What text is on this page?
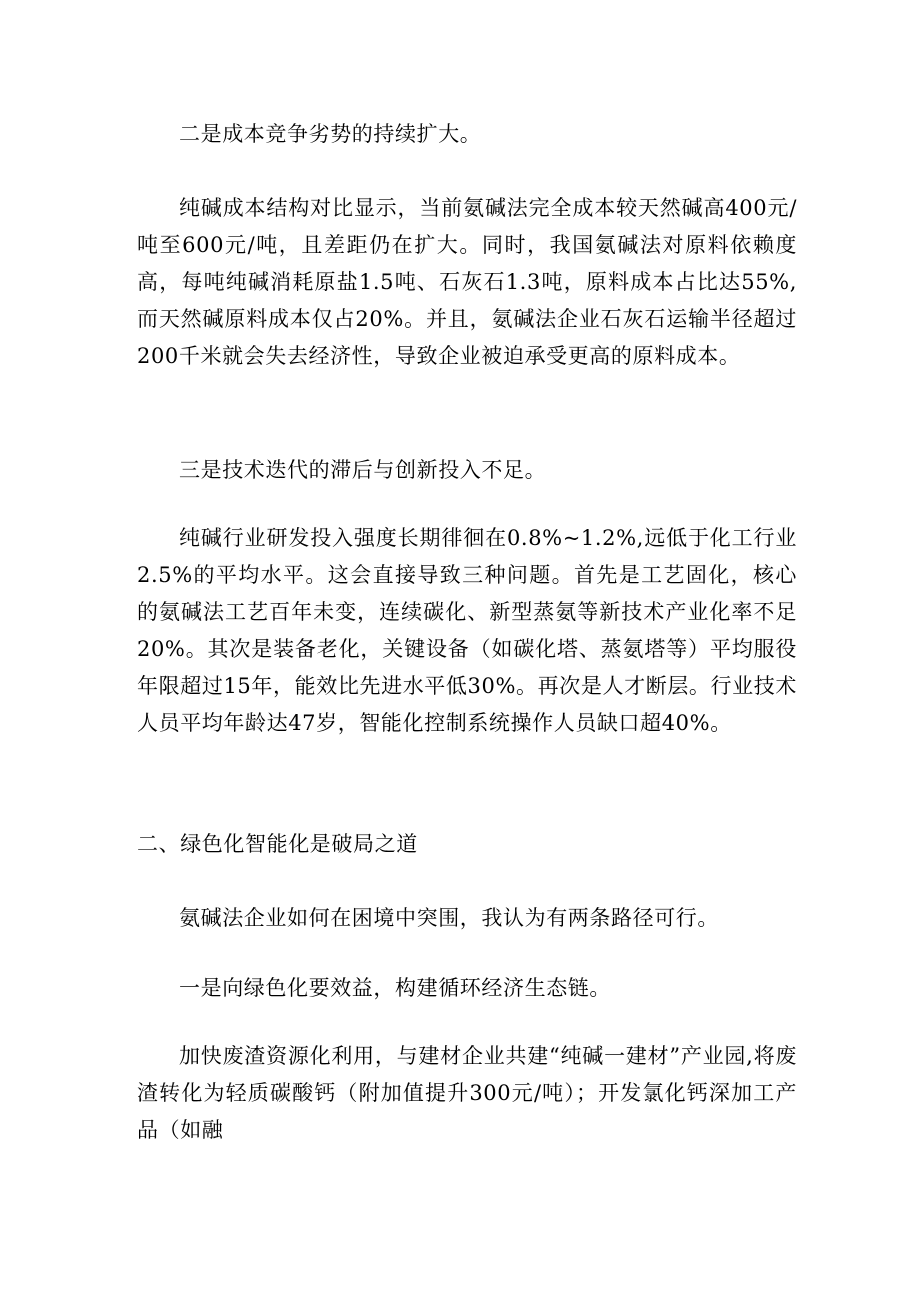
二是成本竞争劣势的持续扩大。

纯碱成本结构对比显示，当前氨碱法完全成本较天然碱高400元/吨至600元/吨，且差距仍在扩大。同时，我国氨碱法对原料依赖度高，每吨纯碱消耗原盐1.5吨、石灰石1.3吨，原料成本占比达55%,而天然碱原料成本仅占20%。并且，氨碱法企业石灰石运输半径超过200千米就会失去经济性，导致企业被迫承受更高的原料成本。

三是技术迭代的滞后与创新投入不足。

纯碱行业研发投入强度长期徘徊在0.8%~1.2%,远低于化工行业2.5%的平均水平。这会直接导致三种问题。首先是工艺固化，核心的氨碱法工艺百年未变，连续碳化、新型蒸氨等新技术产业化率不足20%。其次是装备老化，关键设备（如碳化塔、蒸氨塔等）平均服役年限超过15年，能效比先进水平低30%。再次是人才断层。行业技术人员平均年龄达47岁，智能化控制系统操作人员缺口超40%。

二、绿色化智能化是破局之道

氨碱法企业如何在困境中突围，我认为有两条路径可行。

一是向绿色化要效益，构建循环经济生态链。

加快废渣资源化利用，与建材企业共建“纯碱一建材”产业园,将废渣转化为轻质碳酸钙（附加值提升300元/吨）；开发氯化钙深加工产品（如融
